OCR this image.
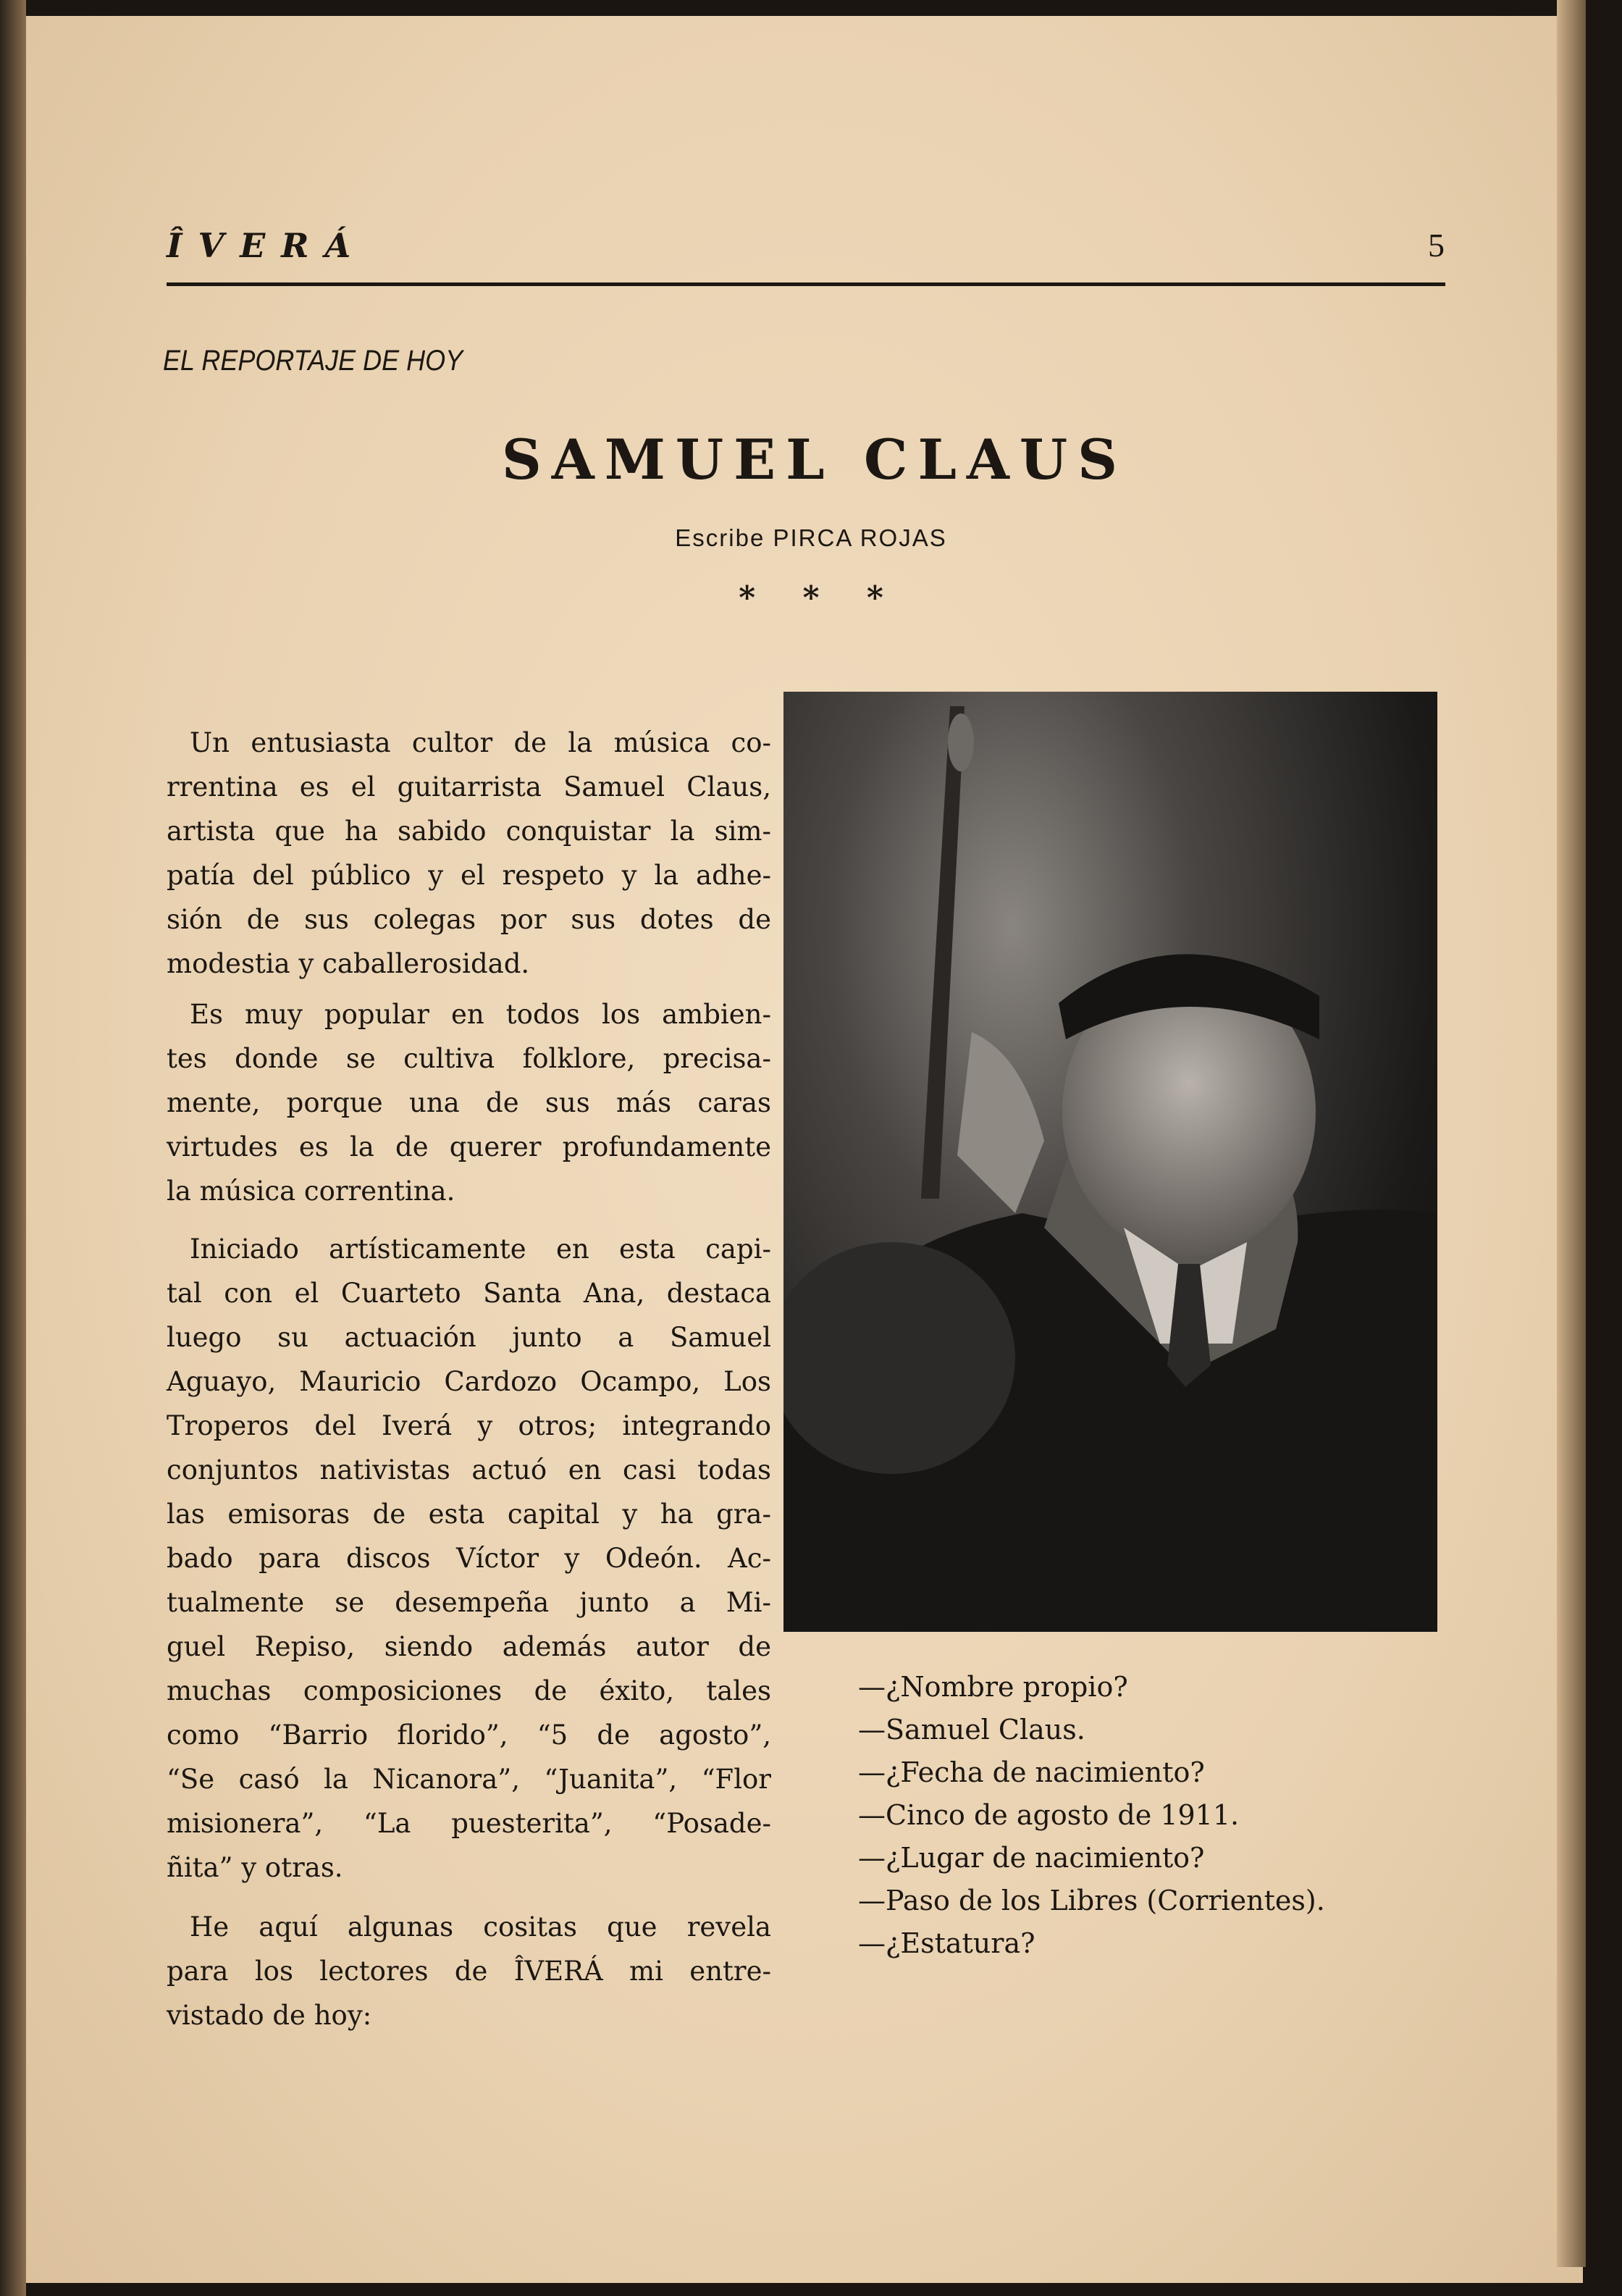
ÎVERÁ	5
EL REPORTAJE DE HOY
SAMUEL CLAUS
Escribe PIRCA ROJAS
* * *
Un entusiasta cultor de la música co-
rrentina es el guitarrista Samuel Claus,
artista que ha sabido conquistar la sim-
patía del público y el respeto y la adhe-
sión de sus colegas por sus dotes de
modestia y caballerosidad.
Es muy popular en todos los ambien-
tes donde se cultiva folklore, precisa-
mente, porque una de sus más caras
virtudes es la de querer profundamente
la música correntina.
Iniciado artísticamente en esta capi-
tal con el Cuarteto Santa Ana, destaca
luego su actuación junto a Samuel
Aguayo, Mauricio Cardozo Ocampo, Los
Troperos del Iverá y otros; integrando
conjuntos nativistas actuó en casi todas
las emisoras de esta capital y ha gra-
bado para discos Víctor y Odeón. Ac-
tualmente se desempeña junto a Mi-
guel Repiso, siendo además autor de
muchas composiciones de éxito, tales
como “Barrio florido”, “5 de agosto”,
“Se casó la Nicanora”, “Juanita”, “Flor
misionera”, “La puesterita”, “Posade-
ñita” y otras.
He aquí algunas cositas que revela
para los lectores de ÎVERÁ mi entre-
vistado de hoy:
—¿Nombre propio?
—Samuel Claus.
—¿Fecha de nacimiento?
—Cinco de agosto de 1911.
—¿Lugar de nacimiento?
—Paso de los Libres (Corrientes).
—¿Estatura?
